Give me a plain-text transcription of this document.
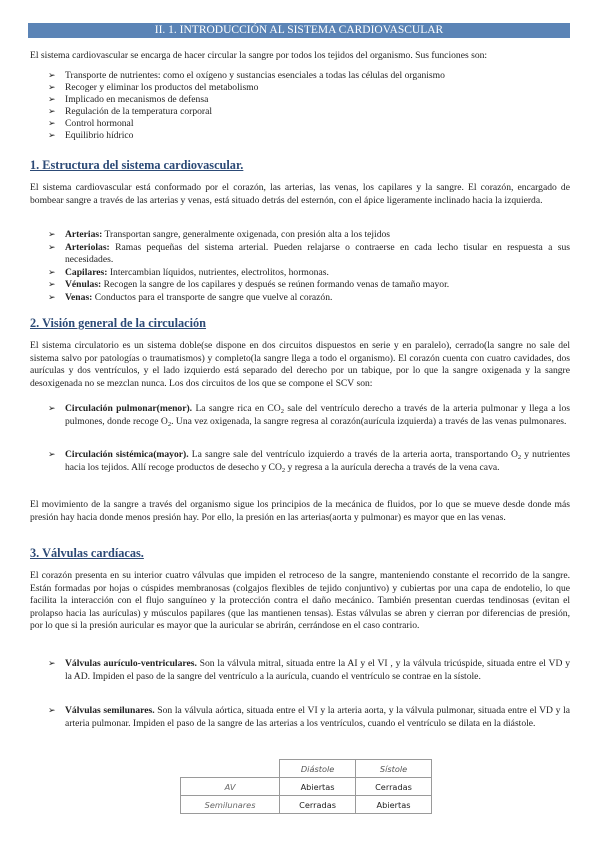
II. 1. INTRODUCCIÓN AL SISTEMA CARDIOVASCULAR

El sistema cardiovascular se encarga de hacer circular la sangre por todos los tejidos del organismo. Sus funciones son:

➢ Transporte de nutrientes: como el oxígeno y sustancias esenciales a todas las células del organismo
➢ Recoger y eliminar los productos del metabolismo
➢ Implicado en mecanismos de defensa
➢ Regulación de la temperatura corporal
➢ Control hormonal
➢ Equilibrio hídrico
1. Estructura del sistema cardiovascular.

El sistema cardiovascular está conformado por el corazón, las arterias, las venas, los capilares y la sangre. El corazón, encargado de bombear sangre a través de las arterias y venas, está situado detrás del esternón, con el ápice ligeramente inclinado hacia la izquierda.

➢ Arterias: Transportan sangre, generalmente oxigenada, con presión alta a los tejidos
➢ Arteriolas: Ramas pequeñas del sistema arterial. Pueden relajarse o contraerse en cada lecho tisular en respuesta a sus necesidades.
➢ Capilares: Intercambian líquidos, nutrientes, electrolitos, hormonas.
➢ Vénulas: Recogen la sangre de los capilares y después se reúnen formando venas de tamaño mayor.
➢ Venas: Conductos para el transporte de sangre que vuelve al corazón.
2. Visión general de la circulación

El sistema circulatorio es un sistema doble(se dispone en dos circuitos dispuestos en serie y en paralelo), cerrado(la sangre no sale del sistema salvo por patologías o traumatismos) y completo(la sangre llega a todo el organismo). El corazón cuenta con cuatro cavidades, dos aurículas y dos ventrículos, y el lado izquierdo está separado del derecho por un tabique, por lo que la sangre oxigenada y la sangre desoxigenada no se mezclan nunca. Los dos circuitos de los que se compone el SCV son:

➢ Circulación pulmonar(menor). La sangre rica en $CO_2$ sale del ventrículo derecho a través de la arteria pulmonar y llega a los pulmones, donde recoge $O_2$. Una vez oxigenada, la sangre regresa al corazón(aurícula izquierda) a través de las venas pulmonares.
➢ Circulación sistémica(mayor). La sangre sale del ventrículo izquierdo a través de la arteria aorta, transportando $O_2$ y nutrientes hacia los tejidos. Allí recoge productos de desecho y $CO_2$ y regresa a la aurícula derecha a través de la vena cava.

El movimiento de la sangre a través del organismo sigue los principios de la mecánica de fluidos, por lo que se mueve desde donde más presión hay hacia donde menos presión hay. Por ello, la presión en las arterias(aorta y pulmonar) es mayor que en las venas.

3. Válvulas cardíacas.

El corazón presenta en su interior cuatro válvulas que impiden el retroceso de la sangre, manteniendo constante el recorrido de la sangre. Están formadas por hojas o cúspides membranosas (colgajos flexibles de tejido conjuntivo) y cubiertas por una capa de endotelio, lo que facilita la interacción con el flujo sanguíneo y la protección contra el daño mecánico. También presentan cuerdas tendinosas (evitan el prolapso hacia las aurículas) y músculos papilares (que las mantienen tensas). Estas válvulas se abren y cierran por diferencias de presión, por lo que si la presión auricular es mayor que la auricular se abrirán, cerrándose en el caso contrario.

➢ Válvulas aurículo-ventriculares. Son la válvula mitral, situada entre la AI y el VI , y la válvula tricúspide, situada entre el VD y la AD. Impiden el paso de la sangre del ventrículo a la aurícula, cuando el ventrículo se contrae en la sístole.
➢ Válvulas semilunares. Son la válvula aórtica, situada entre el VI y la arteria aorta, y la válvula pulmonar, situada entre el VD y la arteria pulmonar. Impiden el paso de la sangre de las arterias a los ventrículos, cuando el ventrículo se dilata en la diástole.
	Diástole	Sístole
AV	Abiertas	Cerradas
Semilunares	Cerradas	Abiertas
